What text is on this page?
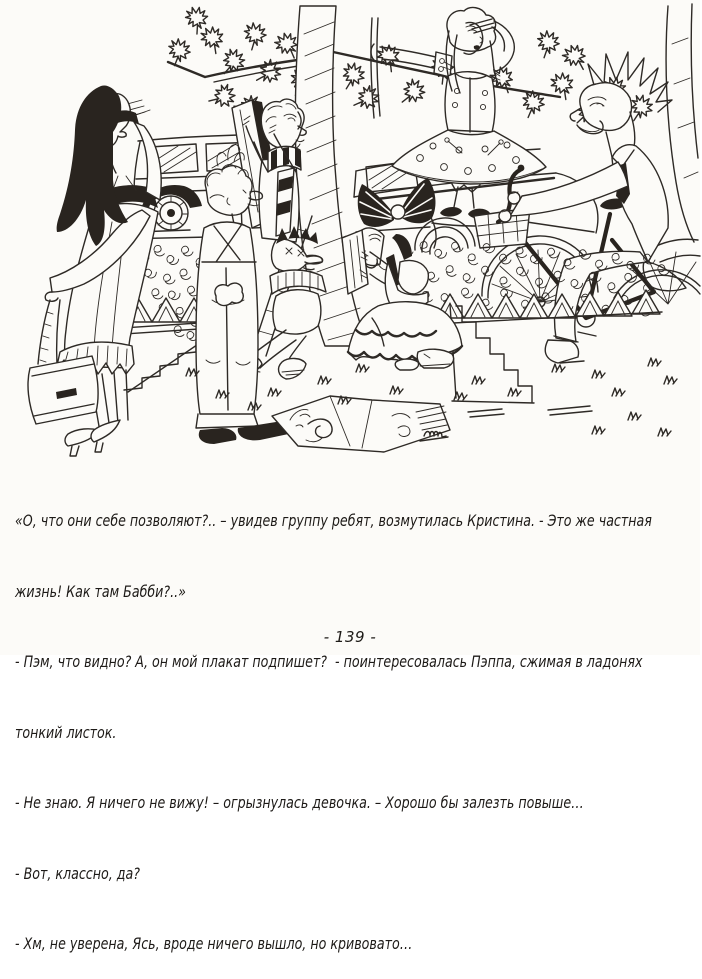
«О, что они себе позволяют?.. – увидев группу ребят, возмутилась Кристина. - Это же частная

жизнь! Как там Бабби?..»

- Пэм, что видно? А, он мой плакат подпишет?  - поинтересовалась Пэппа, сжимая в ладонях

тонкий листок.

- Не знаю. Я ничего не вижу! – огрызнулась девочка. – Хорошо бы залезть повыше…

- Вот, классно, да?

- Хм, не уверена, Ясь, вроде ничего вышло, но кривовато…

- 139 -
